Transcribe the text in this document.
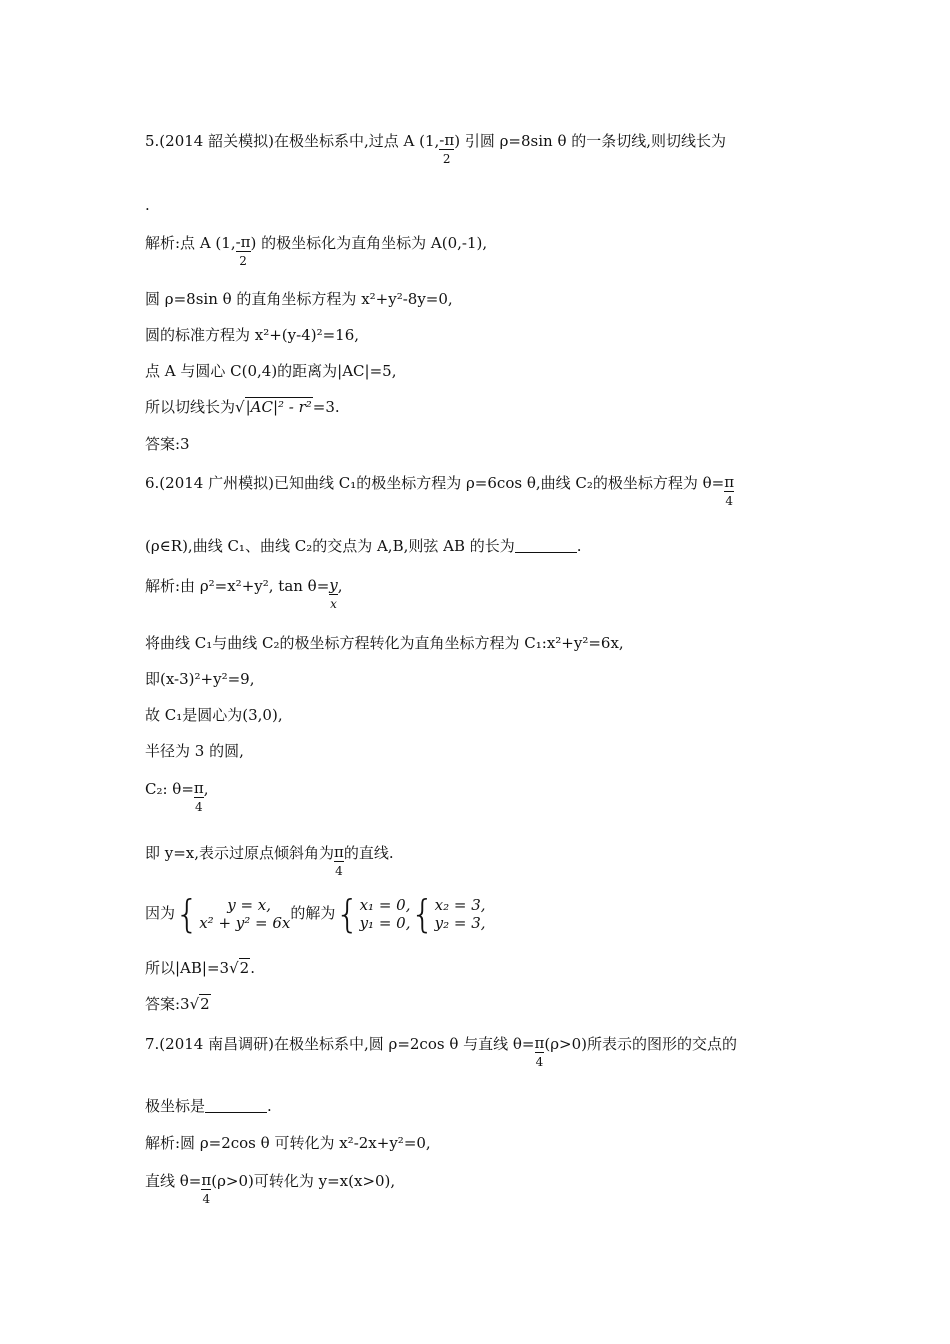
5.(2014 韶关模拟)在极坐标系中,过点 A (1, $\frac{-\pi}{2}$ ) 引圆 ρ=8sin θ 的一条切线,则切线长为
.
解析:点 A (1, $\frac{-\pi}{2}$ ) 的极坐标化为直角坐标为 A(0,-1),
圆 ρ=8sin θ 的直角坐标方程为 x²+y²-8y=0,
圆的标准方程为 x²+(y-4)²=16,
点 A 与圆心 C(0,4)的距离为|AC|=5,
所以切线长为√|AC|² - r²=3.
答案:3
6.(2014 广州模拟)已知曲线 C₁的极坐标方程为 ρ=6cos θ,曲线 C₂的极坐标方程为 $\theta= \frac{\pi}{4}$
(ρ∈R),曲线 C₁、曲线 C₂的交点为 A,B,则弦 AB 的长为	.
解析:由 ρ²=x²+y², $\tan \theta= \frac{y}{x}$ ,
将曲线 C₁与曲线 C₂的极坐标方程转化为直角坐标方程为 C₁:x²+y²=6x,
即(x-3)²+y²=9,
故 C₁是圆心为(3,0),
半径为 3 的圆,
C₂: $\theta= \frac{\pi}{4}$ ,
即 y=x,表示过原点倾斜角为 $\frac{\pi}{4}$ 的直线.
因为{	y = x,
x² + y² = 6x
的解为{ x₁ = 0,
y₁ = 0, { x₂ = 3,
y₂ = 3,
所以|AB|=3√2.
答案:3√2
7.(2014 南昌调研)在极坐标系中,圆 ρ=2cos θ 与直线 $\theta= \frac{\pi}{4} (\rho>0)$所表示的图形的交点的
极坐标是	.
解析:圆 ρ=2cos θ 可转化为 x²-2x+y²=0,
直线 $\theta= \frac{\pi}{4} (\rho>0)$可转化为 y=x(x>0),
